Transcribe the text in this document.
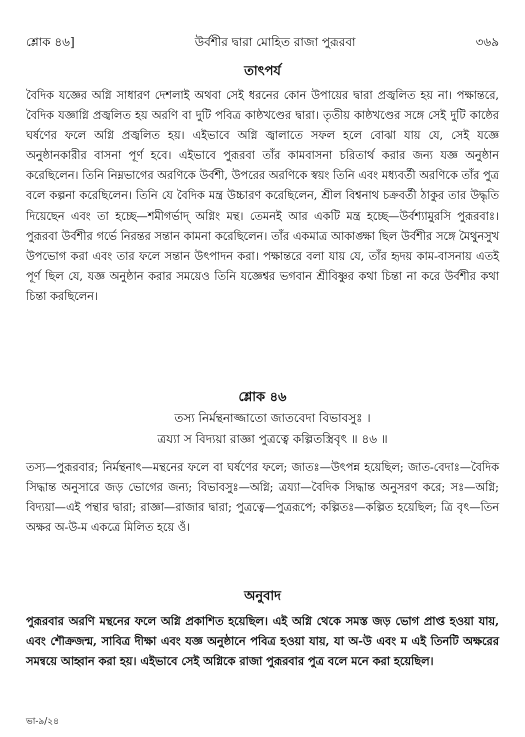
শ্লোক ৪৬]	উর্বশীর দ্বারা মোহিত রাজা পুরূরবা	৩৬৯
তাৎপর্য
বৈদিক যজ্ঞের অগ্নি সাধারণ দেশলাই অথবা সেই ধরনের কোন উপায়ের দ্বারা প্রজ্বলিত হয় না। পক্ষান্তরে, বৈদিক যজ্ঞাগ্নি প্রজ্বলিত হয় অরণি বা দুটি পবিত্র কাষ্ঠখণ্ডের দ্বারা। তৃতীয় কাষ্ঠখণ্ডের সঙ্গে সেই দুটি কাষ্ঠের ঘর্ষণের ফলে অগ্নি প্রজ্বলিত হয়। এইভাবে অগ্নি জ্বালাতে সফল হলে বোঝা যায় যে, সেই যজ্ঞে অনুষ্ঠানকারীর বাসনা পূর্ণ হবে। এইভাবে পুরূরবা তাঁর কামবাসনা চরিতার্থ করার জন্য যজ্ঞ অনুষ্ঠান করেছিলেন। তিনি নিম্নভাগের অরণিকে উর্বশী, উপরের অরণিকে স্বয়ং তিনি এবং মধ্যবর্তী অরণিকে তাঁর পুত্র বলে কল্পনা করেছিলেন। তিনি যে বৈদিক মন্ত্র উচ্চারণ করেছিলেন, শ্রীল বিশ্বনাথ চক্রবর্তী ঠাকুর তার উদ্ধৃতি দিয়েছেন এবং তা হচ্ছে—শমীগর্ভাদ্‌ অগ্নিং মন্থ। তেমনই আর একটি মন্ত্র হচ্ছে—উর্বশ্যামুরসি পুরূরবাঃ। পুরূরবা উর্বশীর গর্ভে নিরন্তর সন্তান কামনা করেছিলেন। তাঁর একমাত্র আকাঙ্ক্ষা ছিল উর্বশীর সঙ্গে মৈথুনসুখ উপভোগ করা এবং তার ফলে সন্তান উৎপাদন করা। পক্ষান্তরে বলা যায় যে, তাঁর হৃদয় কাম-বাসনায় এতই পূর্ণ ছিল যে, যজ্ঞ অনুষ্ঠান করার সময়েও তিনি যজ্ঞেশ্বর ভগবান শ্রীবিষ্ণুর কথা চিন্তা না করে উর্বশীর কথা চিন্তা করছিলেন।
শ্লোক ৪৬
তস্য নির্মন্থনাজ্জাতো জাতবেদা বিভাবসুঃ ।
ত্রয্যা স বিদ্যয়া রাজ্ঞা পুত্রত্বে কল্পিতস্ত্রিবৃৎ ॥ ৪৬ ॥
তস্য—পুরূরবার; নির্মন্থনাৎ—মন্থনের ফলে বা ঘর্ষণের ফলে; জাতঃ—উৎপন্ন হয়েছিল; জাত-বেদাঃ—বৈদিক সিদ্ধান্ত অনুসারে জড় ভোগের জন্য; বিভাবসুঃ—অগ্নি; ত্রয্যা—বৈদিক সিদ্ধান্ত অনুসরণ করে; সঃ—অগ্নি; বিদ্যয়া—এই পন্থার দ্বারা; রাজ্ঞা—রাজার দ্বারা; পুত্রত্বে—পুত্ররূপে; কল্পিতঃ—কল্পিত হয়েছিল; ত্রি বৃৎ—তিন অক্ষর অ-উ-ম একত্রে মিলিত হয়ে ওঁ।
অনুবাদ
পুরূরবার অরণি মন্থনের ফলে অগ্নি প্রকাশিত হয়েছিল। এই অগ্নি থেকে সমস্ত জড় ভোগ প্রাপ্ত হওয়া যায়, এবং শৌক্রজন্ম, সাবিত্র দীক্ষা এবং যজ্ঞ অনুষ্ঠানে পবিত্র হওয়া যায়, যা অ-উ এবং ম এই তিনটি অক্ষরের সমন্বয়ে আহ্বান করা হয়। এইভাবে সেই অগ্নিকে রাজা পুরূরবার পুত্র বলে মনে করা হয়েছিল।
ভা-৯/২৪
